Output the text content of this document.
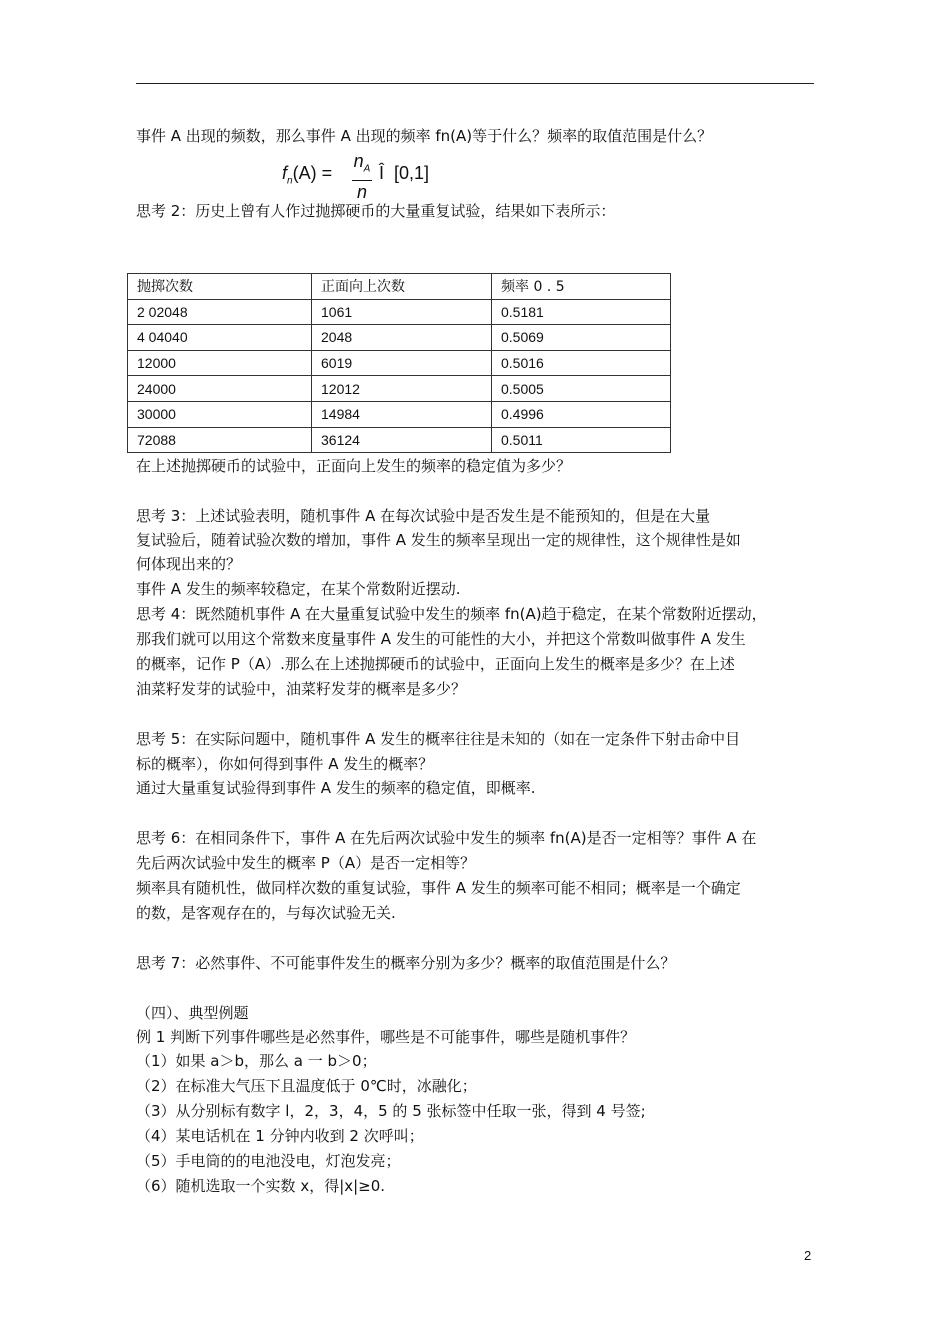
事件 A 出现的频数，那么事件 A 出现的频率 fn(A)等于什么？频率的取值范围是什么？
$f_n(A)$ =
$n_A$
n
Î [0,1]
思考 2：历史上曾有人作过抛掷硬币的大量重复试验，结果如下表所示：
抛掷次数	正面向上次数	频率 0 . 5
2 02048	1061	0.5181
4 04040	2048	0.5069
12000	6019	0.5016
24000	12012	0.5005
30000	14984	0.4996
72088	36124	0.5011
在上述抛掷硬币的试验中，正面向上发生的频率的稳定值为多少？
思考 3：上述试验表明，随机事件 A 在每次试验中是否发生是不能预知的，但是在大量
复试验后，随着试验次数的增加，事件 A 发生的频率呈现出一定的规律性，这个规律性是如
何体现出来的？
事件 A 发生的频率较稳定，在某个常数附近摆动.
思考 4：既然随机事件 A 在大量重复试验中发生的频率 fn(A)趋于稳定，在某个常数附近摆动，
那我们就可以用这个常数来度量事件 A 发生的可能性的大小，并把这个常数叫做事件 A 发生
的概率，记作 P（A）.那么在上述抛掷硬币的试验中，正面向上发生的概率是多少？在上述
油菜籽发芽的试验中，油菜籽发芽的概率是多少？
思考 5：在实际问题中，随机事件 A 发生的概率往往是未知的（如在一定条件下射击命中目
标的概率），你如何得到事件 A 发生的概率？
通过大量重复试验得到事件 A 发生的频率的稳定值，即概率.
思考 6：在相同条件下，事件 A 在先后两次试验中发生的频率 fn(A)是否一定相等？事件 A 在
先后两次试验中发生的概率 P（A）是否一定相等？
频率具有随机性，做同样次数的重复试验，事件 A 发生的频率可能不相同；概率是一个确定
的数，是客观存在的，与每次试验无关.
思考 7：必然事件、不可能事件发生的概率分别为多少？概率的取值范围是什么？
（四）、典型例题
例 1 判断下列事件哪些是必然事件，哪些是不可能事件，哪些是随机事件？
（1）如果 a＞b，那么 a 一 b＞0；
（2）在标准大气压下且温度低于 0℃时，冰融化；
（3）从分别标有数字 l，2，3，4，5 的 5 张标签中任取一张，得到 4 号签;
（4）某电话机在 1 分钟内收到 2 次呼叫；
（5）手电筒的的电池没电，灯泡发亮；
（6）随机选取一个实数 x，得|x|≥0.
2
